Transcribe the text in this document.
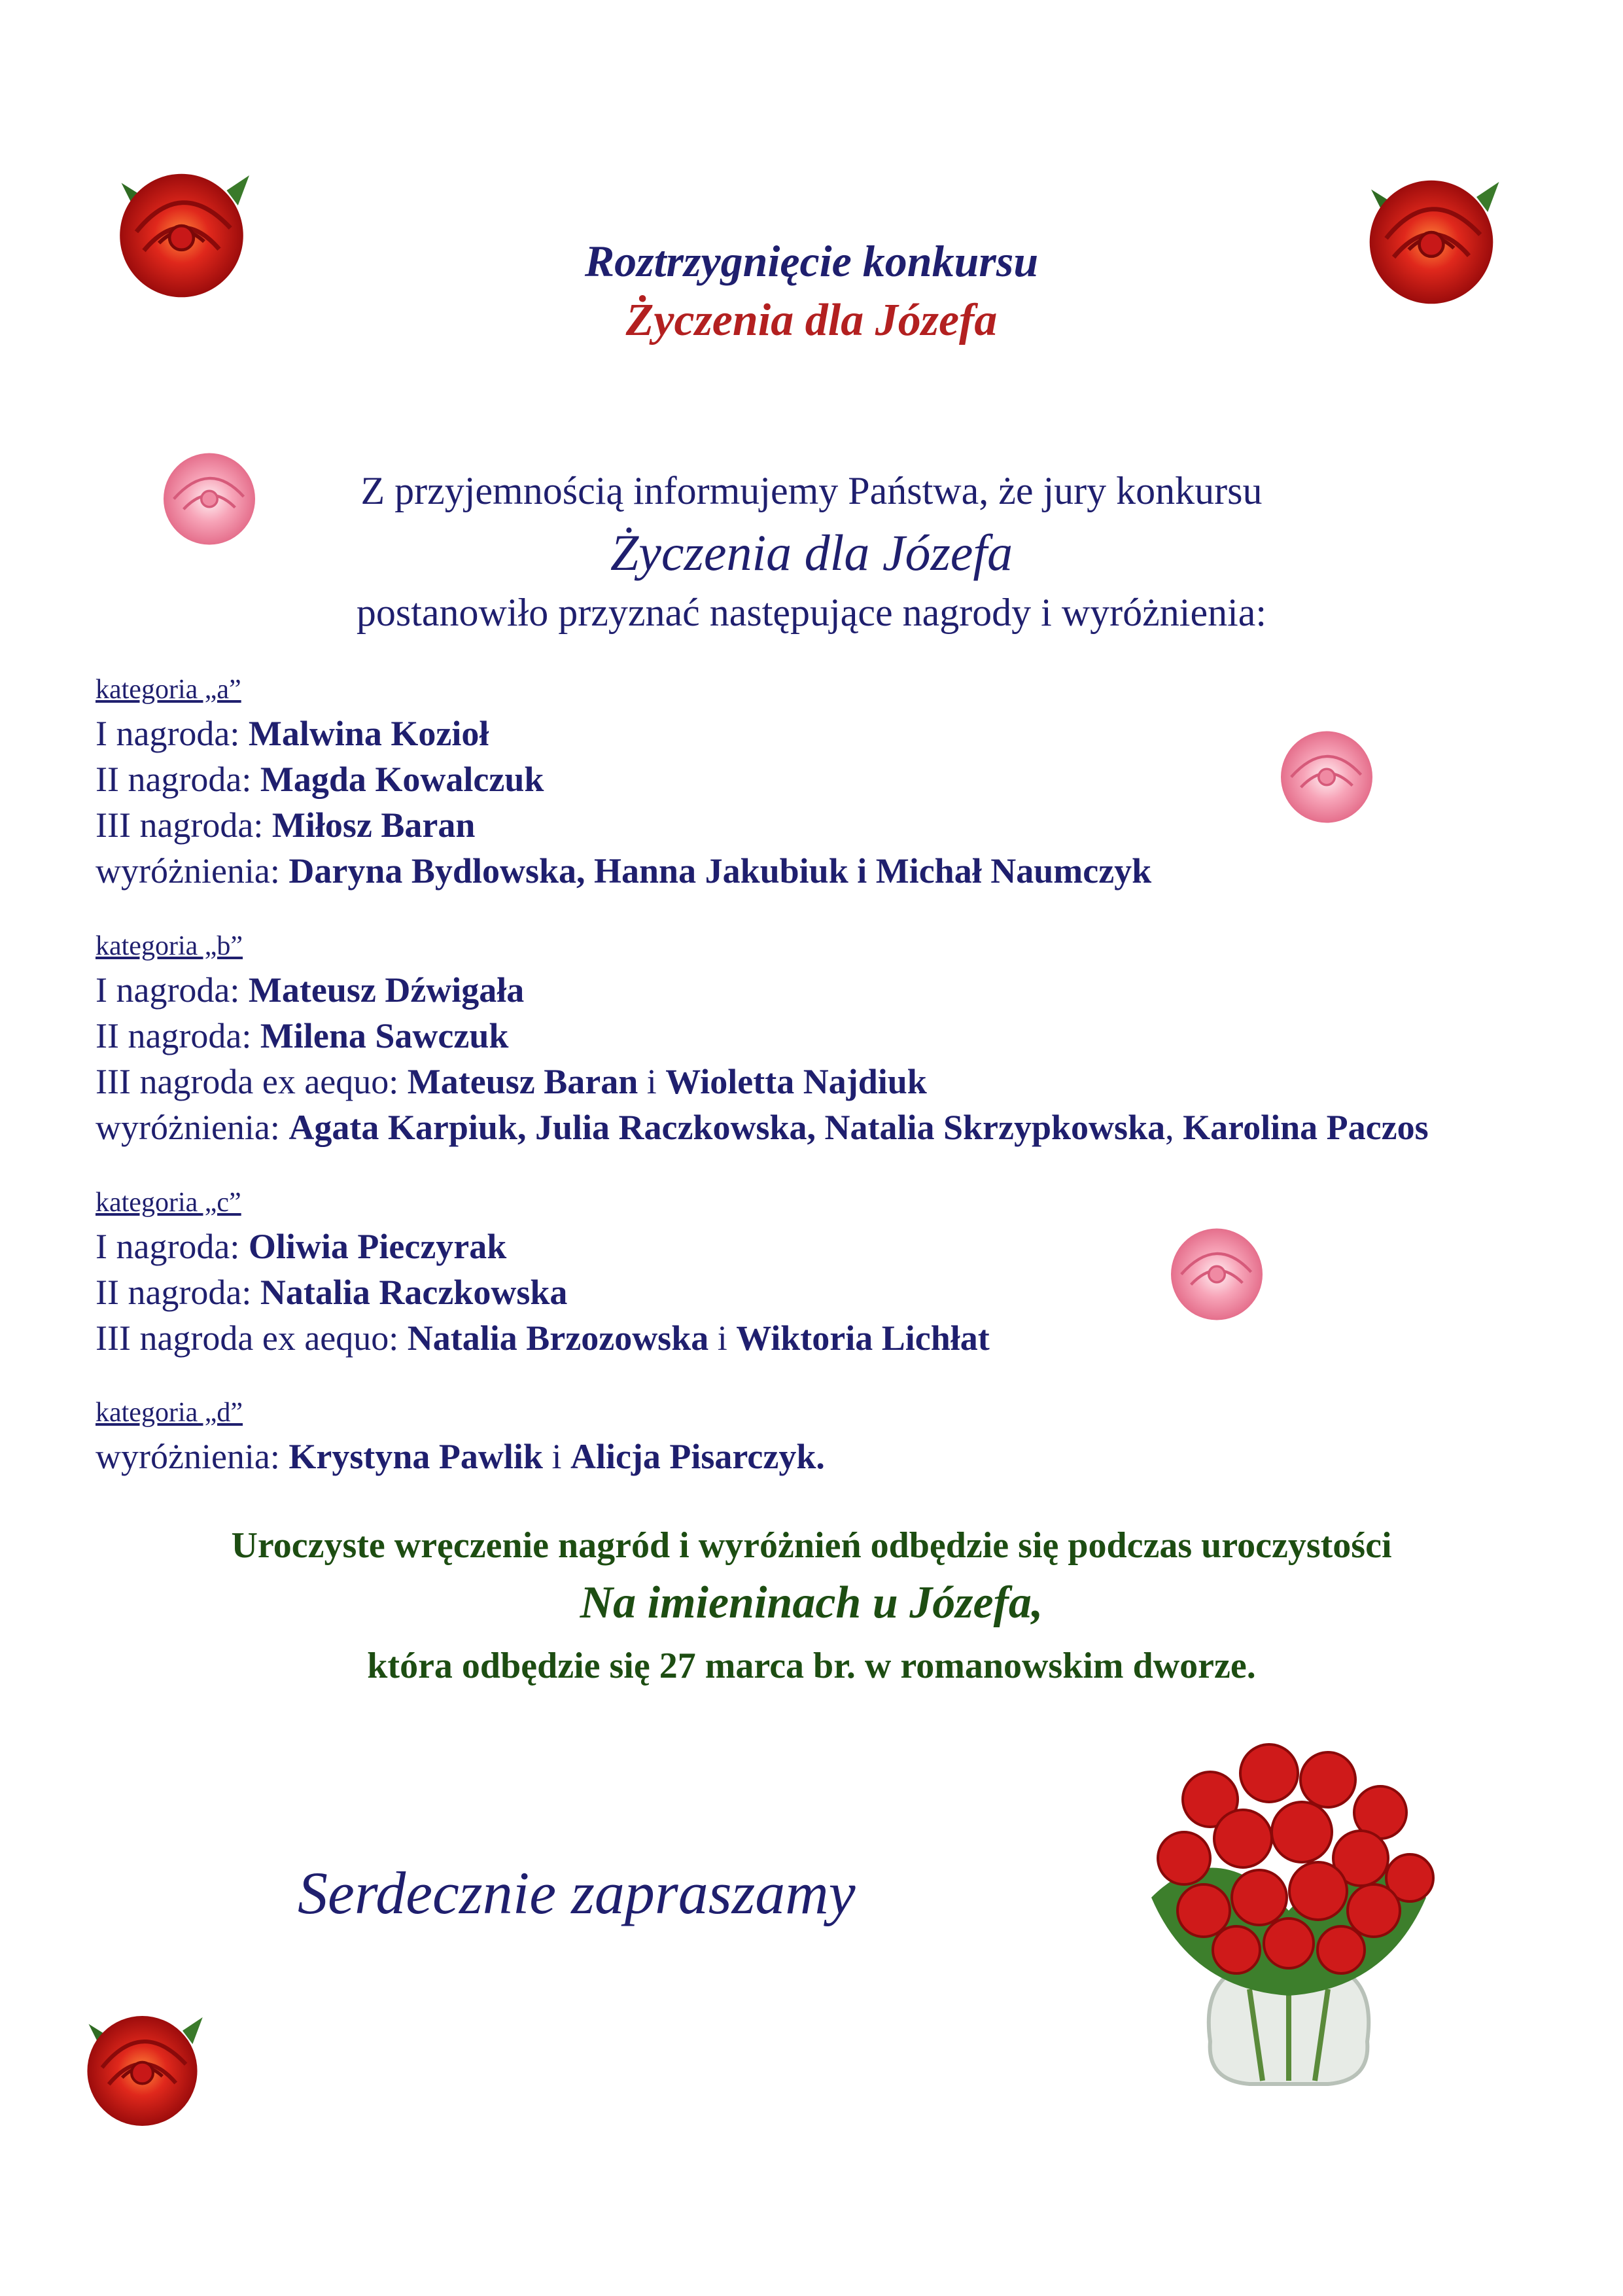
Roztrzygnięcie konkursu
Życzenia dla Józefa
Z przyjemnością informujemy Państwa, że jury konkursu
Życzenia dla Józefa
postanowiło przyznać następujące nagrody i wyróżnienia:
kategoria „a”
I nagroda: Malwina Kozioł
II nagroda: Magda Kowalczuk
III nagroda: Miłosz Baran
wyróżnienia: Daryna Bydlowska, Hanna Jakubiuk i Michał Naumczyk
kategoria „b”
I nagroda: Mateusz Dźwigała
II nagroda: Milena Sawczuk
III nagroda ex aequo: Mateusz Baran i Wioletta Najdiuk
wyróżnienia: Agata Karpiuk, Julia Raczkowska, Natalia Skrzypkowska, Karolina Paczos
kategoria „c”
I nagroda: Oliwia Pieczyrak
II nagroda: Natalia Raczkowska
III nagroda ex aequo: Natalia Brzozowska i Wiktoria Lichłat
kategoria „d”
wyróżnienia: Krystyna Pawlik i Alicja Pisarczyk.
Uroczyste wręczenie nagród i wyróżnień odbędzie się podczas uroczystości
Na imieninach u Józefa,
która odbędzie się 27 marca br. w romanowskim dworze.
Serdecznie zapraszamy
